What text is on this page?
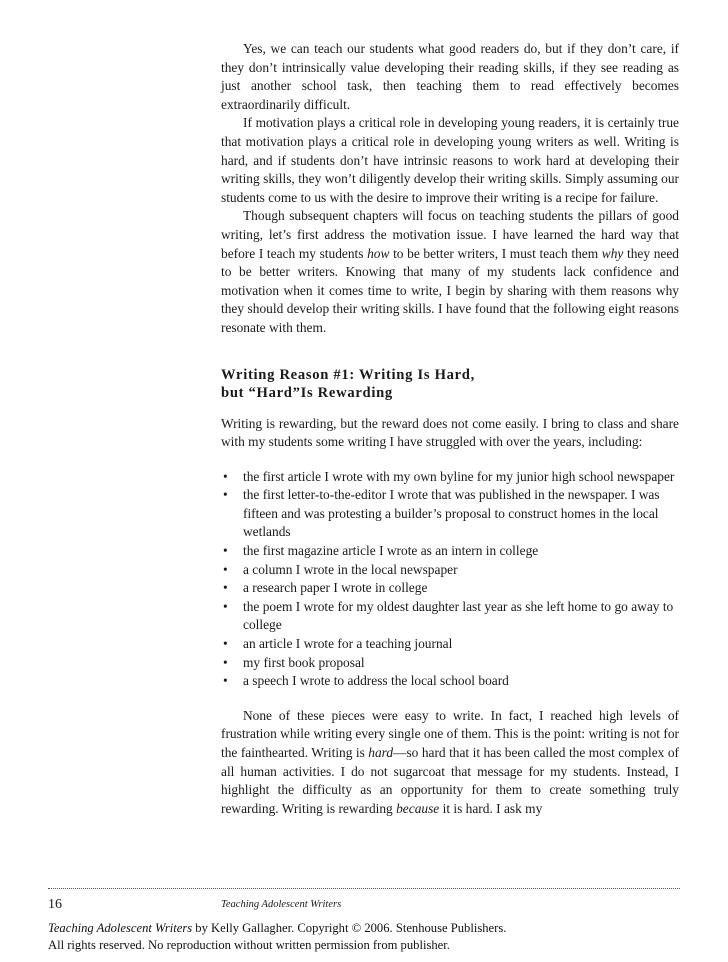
Yes, we can teach our students what good readers do, but if they don’t care, if they don’t intrinsically value developing their reading skills, if they see reading as just another school task, then teaching them to read effectively becomes extraordinarily difficult.

If motivation plays a critical role in developing young readers, it is certainly true that motivation plays a critical role in developing young writers as well. Writing is hard, and if students don’t have intrinsic reasons to work hard at developing their writing skills, they won’t diligently develop their writing skills. Simply assuming our students come to us with the desire to improve their writing is a recipe for failure.

Though subsequent chapters will focus on teaching students the pillars of good writing, let’s first address the motivation issue. I have learned the hard way that before I teach my students how to be better writers, I must teach them why they need to be better writers. Knowing that many of my students lack confidence and motivation when it comes time to write, I begin by sharing with them reasons why they should develop their writing skills. I have found that the following eight reasons resonate with them.

Writing Reason #1: Writing Is Hard,
but “Hard”Is Rewarding

Writing is rewarding, but the reward does not come easily. I bring to class and share with my students some writing I have struggled with over the years, including:

• the first article I wrote with my own byline for my junior high school newspaper
• the first letter-to-the-editor I wrote that was published in the newspaper. I was fifteen and was protesting a builder’s proposal to construct homes in the local wetlands
• the first magazine article I wrote as an intern in college
• a column I wrote in the local newspaper
• a research paper I wrote in college
• the poem I wrote for my oldest daughter last year as she left home to go away to college
• an article I wrote for a teaching journal
• my first book proposal
• a speech I wrote to address the local school board

None of these pieces were easy to write. In fact, I reached high levels of frustration while writing every single one of them. This is the point: writing is not for the fainthearted. Writing is hard—so hard that it has been called the most complex of all human activities. I do not sugarcoat that message for my students. Instead, I highlight the difficulty as an opportunity for them to create something truly rewarding. Writing is rewarding because it is hard. I ask my

16	Teaching Adolescent Writers
Teaching Adolescent Writers by Kelly Gallagher. Copyright © 2006. Stenhouse Publishers.
All rights reserved. No reproduction without written permission from publisher.
